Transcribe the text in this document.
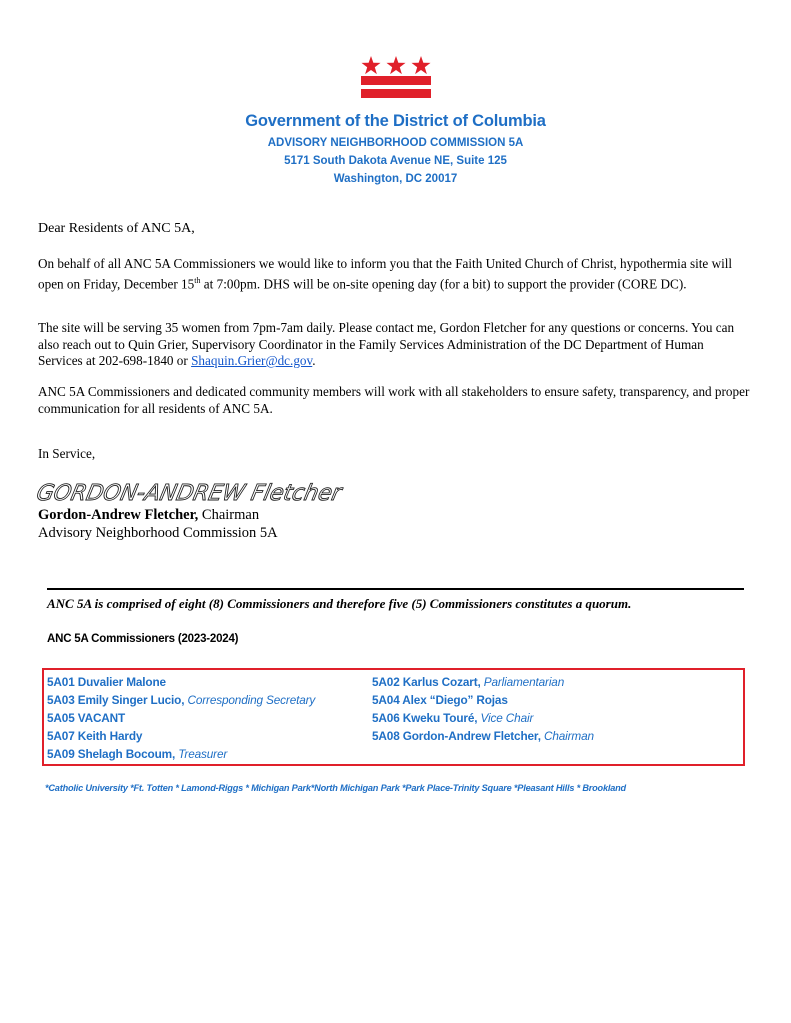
Government of the District of Columbia
ADVISORY NEIGHBORHOOD COMMISSION 5A
5171 South Dakota Avenue NE, Suite 125
Washington, DC 20017
Dear Residents of ANC 5A,

On behalf of all ANC 5A Commissioners we would like to inform you that the Faith United Church of Christ, hypothermia site will open on Friday, December 15th at 7:00pm. DHS will be on-site opening day (for a bit) to support the provider (CORE DC).

The site will be serving 35 women from 7pm-7am daily. Please contact me, Gordon Fletcher for any questions or concerns. You can also reach out to Quin Grier, Supervisory Coordinator in the Family Services Administration of the DC Department of Human Services at 202-698-1840 or Shaquin.Grier@dc.gov.

ANC 5A Commissioners and dedicated community members will work with all stakeholders to ensure safety, transparency, and proper communication for all residents of ANC 5A.
In Service,
GORDON-ANDREW Fletcher
Gordon-Andrew Fletcher, Chairman
Advisory Neighborhood Commission 5A
ANC 5A is comprised of eight (8) Commissioners and therefore five (5) Commissioners constitutes a quorum.
ANC 5A Commissioners (2023-2024)
5A01 Duvalier Malone	5A02 Karlus Cozart, Parliamentarian
5A03 Emily Singer Lucio, Corresponding Secretary	5A04 Alex “Diego” Rojas
5A05 VACANT	5A06 Kweku Touré, Vice Chair
5A07 Keith Hardy	5A08 Gordon-Andrew Fletcher, Chairman
5A09 Shelagh Bocoum, Treasurer
*Catholic University *Ft. Totten * Lamond-Riggs * Michigan Park*North Michigan Park *Park Place-Trinity Square *Pleasant Hills * Brookland
